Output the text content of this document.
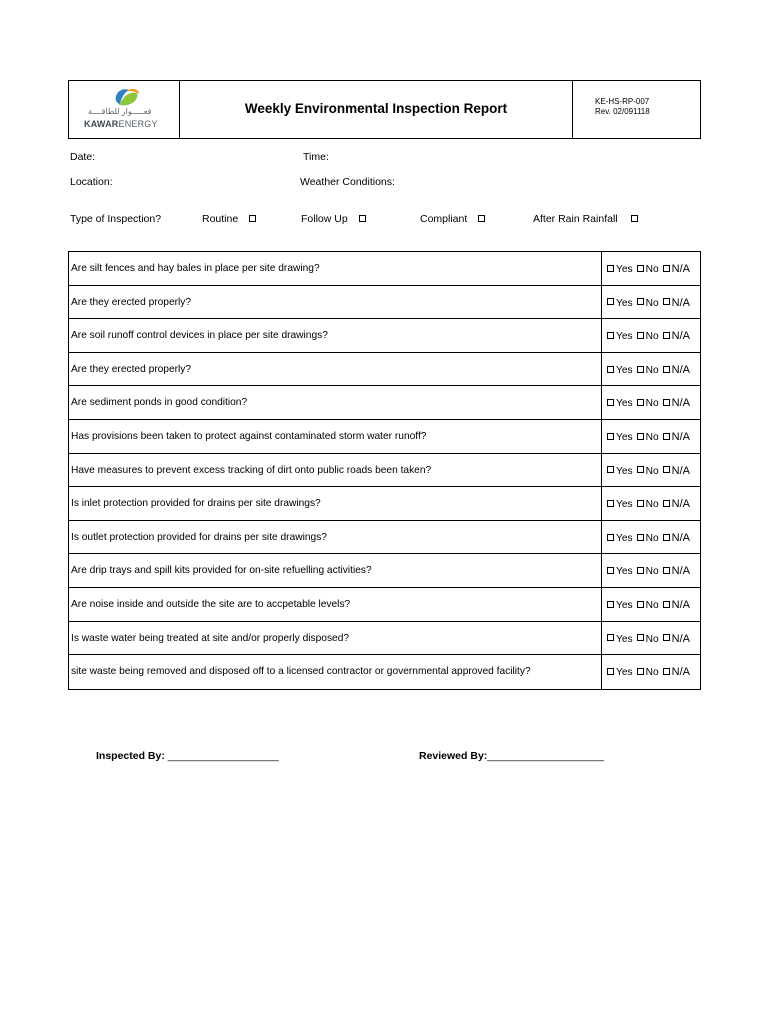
قعـــــوار للطاقــــة
KAWARENERGY
Weekly Environmental Inspection Report	KE-HS-RP-007
Rev. 02/091118
Date:	Time:
Location:	Weather Conditions:
Type of Inspection?	Routine	Follow Up	Compliant	After Rain Rainfall
Are silt fences and hay bales in place per site drawing?	Yes No N/A
Are they erected properly?	Yes No N/A
Are soil runoff control devices in place per site drawings?	Yes No N/A
Are they erected properly?	Yes No N/A
Are sediment ponds in good condition?	Yes No N/A
Has provisions been taken to protect against contaminated storm water runoff?	Yes No N/A
Have measures to prevent excess tracking of dirt onto public roads been taken?	Yes No N/A
Is inlet protection provided for drains per site drawings?	Yes No N/A
Is outlet protection provided for drains per site drawings?	Yes No N/A
Are drip trays and spill kits provided for on-site refuelling activities?	Yes No N/A
Are noise inside and outside the site are to accpetable levels?	Yes No N/A
Is waste water being treated at site and/or properly disposed?	Yes No N/A
site waste being removed and disposed off to a licensed contractor or governmental approved facility?	Yes No N/A
Inspected By: ___________________	Reviewed By:____________________
